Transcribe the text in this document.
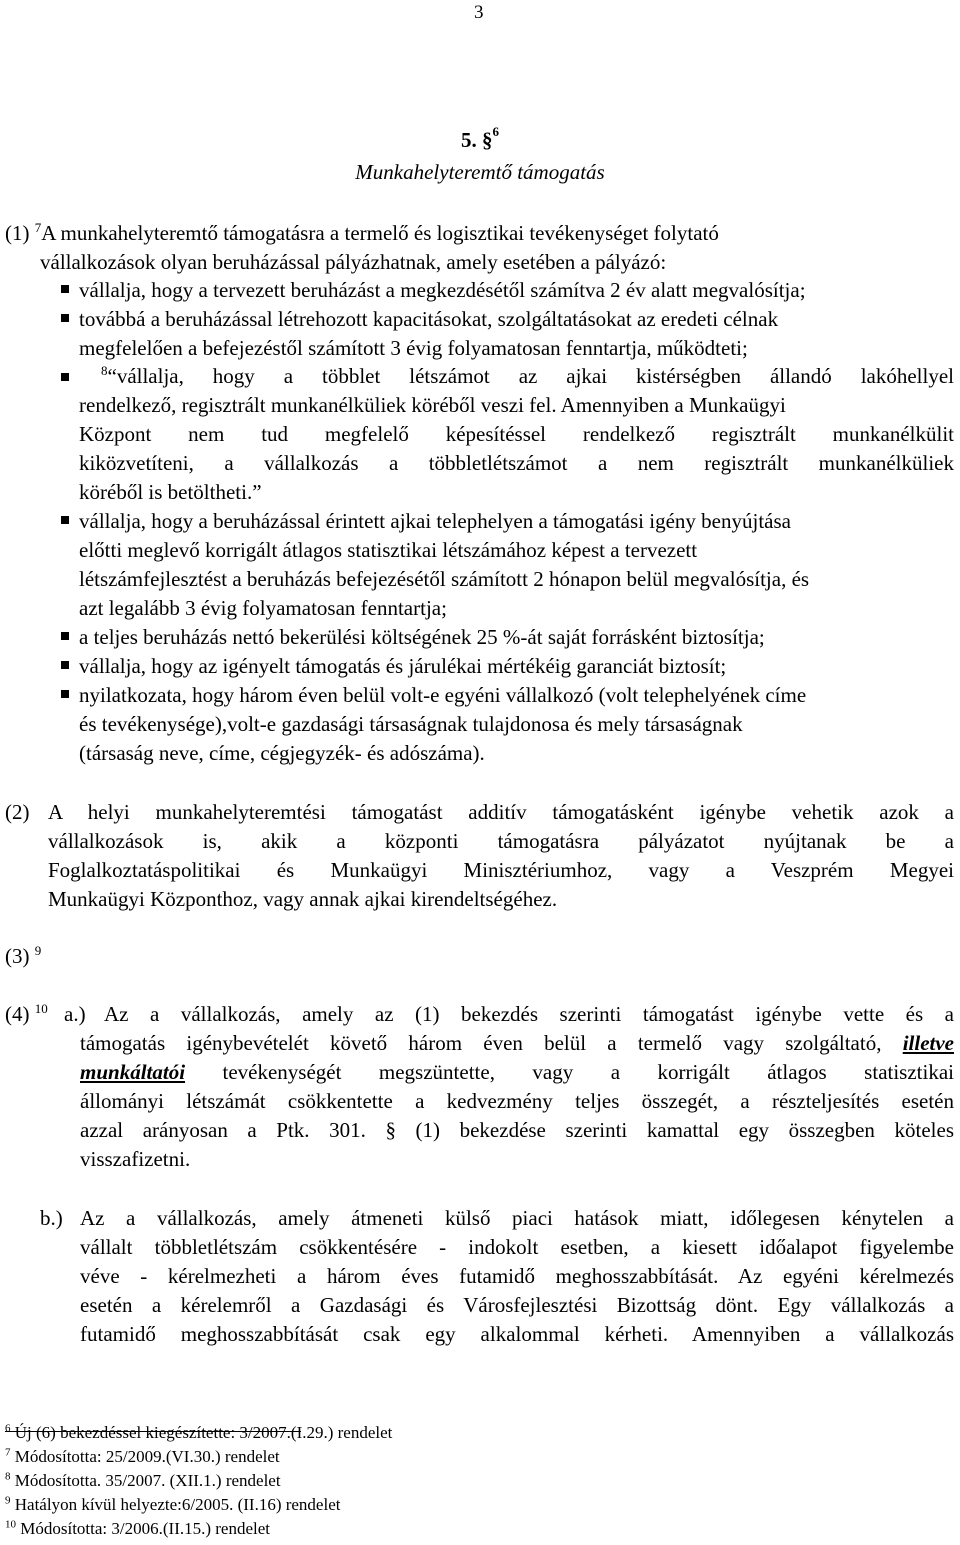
3
5. §$^6$
Munkahelyteremtő támogatás
(1) $^7$A munkahelyteremtő támogatásra a termelő és logisztikai tevékenységet folytató
vállalkozások olyan beruházással pályázhatnak, amely esetében a pályázó:
vállalja, hogy a tervezett beruházást a megkezdésétől számítva 2 év alatt megvalósítja;
továbbá a beruházással létrehozott kapacitásokat, szolgáltatásokat az eredeti célnak
megfelelően a befejezéstől számított 3 évig folyamatosan fenntartja, működteti;
$^8$“vállalja, hogy a többlet létszámot az ajkai kistérségben állandó lakóhellyel
rendelkező, regisztrált munkanélküliek köréből veszi fel. Amennyiben a Munkaügyi
Központ nem tud megfelelő képesítéssel rendelkező regisztrált munkanélkülit
kiközvetíteni, a vállalkozás a többletlétszámot a nem regisztrált munkanélküliek
köréből is betöltheti.”
vállalja, hogy a beruházással érintett ajkai telephelyen a támogatási igény benyújtása
előtti meglevő korrigált átlagos statisztikai létszámához képest a tervezett
létszámfejlesztést a beruházás befejezésétől számított 2 hónapon belül megvalósítja, és
azt legalább 3 évig folyamatosan fenntartja;
a teljes beruházás nettó bekerülési költségének 25 %-át saját forrásként biztosítja;
vállalja, hogy az igényelt támogatás és járulékai mértékéig garanciát biztosít;
nyilatkozata, hogy három éven belül volt-e egyéni vállalkozó (volt telephelyének címe
és tevékenysége),volt-e gazdasági társaságnak tulajdonosa és mely társaságnak
(társaság neve, címe, cégjegyzék- és adószáma).
(2) A helyi munkahelyteremtési támogatást additív támogatásként igénybe vehetik azok a
vállalkozások is, akik a központi támogatásra pályázatot nyújtanak be a
Foglalkoztatáspolitikai és Munkaügyi Minisztériumhoz, vagy a Veszprém Megyei
Munkaügyi Központhoz, vagy annak ajkai kirendeltségéhez.
(3) $^9$
(4) $^{10}$ a.) Az a vállalkozás, amely az (1) bekezdés szerinti támogatást igénybe vette és a
támogatás igénybevételét követő három éven belül a termelő vagy szolgáltató, illetve
munkáltatói tevékenységét megszüntette, vagy a korrigált átlagos statisztikai
állományi létszámát csökkentette a kedvezmény teljes összegét, a részteljesítés esetén
azzal arányosan a Ptk. 301. § (1) bekezdése szerinti kamattal egy összegben köteles
visszafizetni.
b.) Az a vállalkozás, amely átmeneti külső piaci hatások miatt, időlegesen kénytelen a
vállalt többletlétszám csökkentésére - indokolt esetben, a kiesett időalapot figyelembe
véve - kérelmezheti a három éves futamidő meghosszabbítását. Az egyéni kérelmezés
esetén a kérelemről a Gazdasági és Városfejlesztési Bizottság dönt. Egy vállalkozás a
futamidő meghosszabbítását csak egy alkalommal kérheti. Amennyiben a vállalkozás
$^6$ Új (6) bekezdéssel kiegészítette: 3/2007.(I.29.) rendelet
$^7$ Módosította: 25/2009.(VI.30.) rendelet
$^8$ Módosította. 35/2007. (XII.1.) rendelet
$^9$ Hatályon kívül helyezte:6/2005. (II.16) rendelet
$^{10}$ Módosította: 3/2006.(II.15.) rendelet
